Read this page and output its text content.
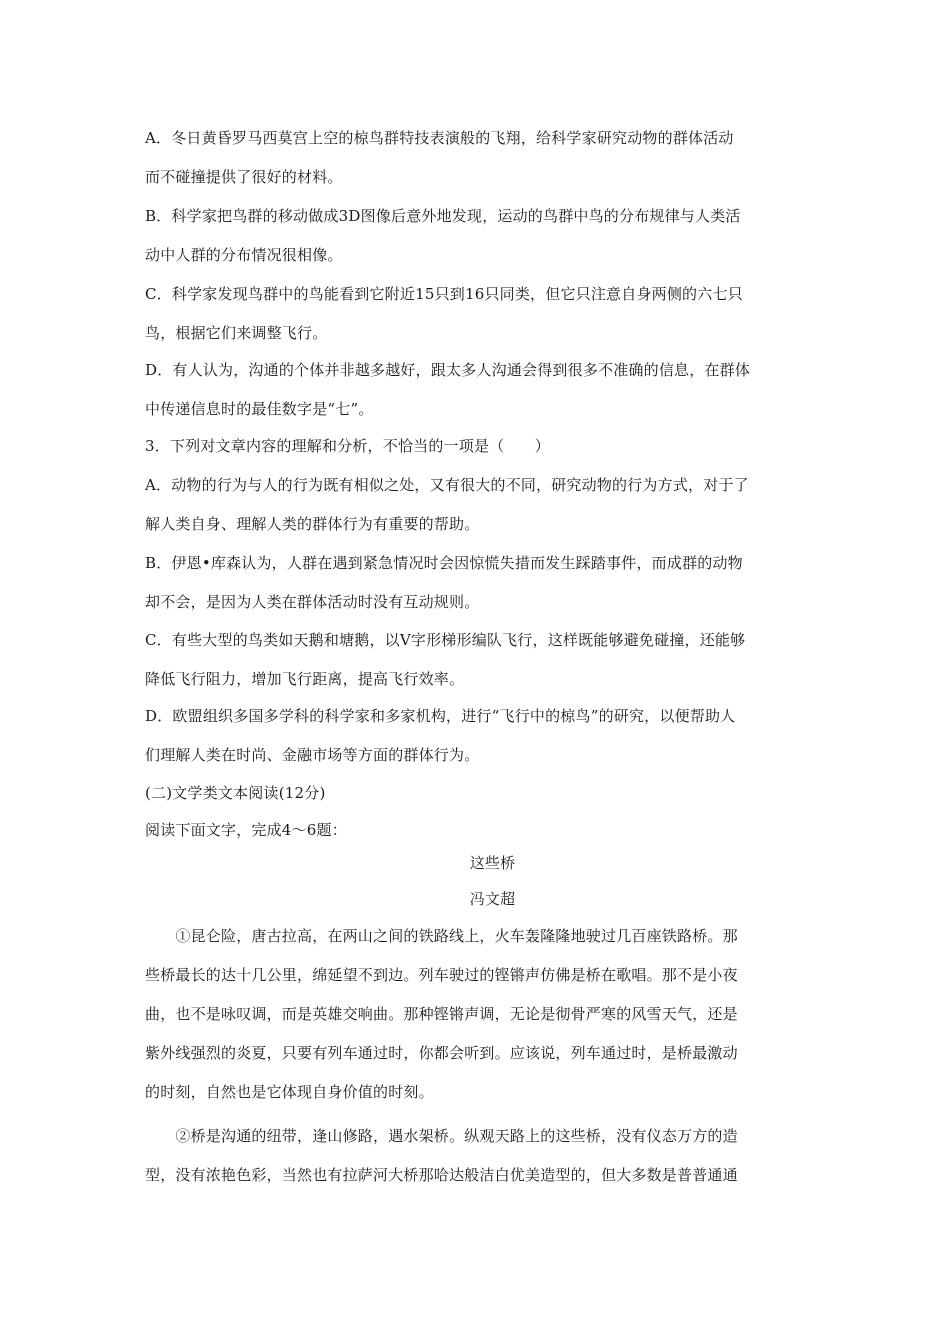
A．冬日黄昏罗马西莫宫上空的椋鸟群特技表演般的飞翔，给科学家研究动物的群体活动
而不碰撞提供了很好的材料。
B．科学家把鸟群的移动做成3D图像后意外地发现，运动的鸟群中鸟的分布规律与人类活
动中人群的分布情况很相像。
C．科学家发现鸟群中的鸟能看到它附近15只到16只同类，但它只注意自身两侧的六七只
鸟，根据它们来调整飞行。
D．有人认为，沟通的个体并非越多越好，跟太多人沟通会得到很多不准确的信息，在群体
中传递信息时的最佳数字是“七”。
3．下列对文章内容的理解和分析，不恰当的一项是（　　）
A．动物的行为与人的行为既有相似之处，又有很大的不同，研究动物的行为方式，对于了
解人类自身、理解人类的群体行为有重要的帮助。
B．伊恩•库森认为，人群在遇到紧急情况时会因惊慌失措而发生踩踏事件，而成群的动物
却不会，是因为人类在群体活动时没有互动规则。
C．有些大型的鸟类如天鹅和塘鹅，以V字形梯形编队飞行，这样既能够避免碰撞，还能够
降低飞行阻力，增加飞行距离，提高飞行效率。
D．欧盟组织多国多学科的科学家和多家机构，进行“飞行中的椋鸟”的研究，以便帮助人
们理解人类在时尚、金融市场等方面的群体行为。
(二)文学类文本阅读(12分)
阅读下面文字，完成4～6题：
这些桥
冯文超
　　①昆仑险，唐古拉高，在两山之间的铁路线上，火车轰隆隆地驶过几百座铁路桥。那
些桥最长的达十几公里，绵延望不到边。列车驶过的铿锵声仿佛是桥在歌唱。那不是小夜
曲，也不是咏叹调，而是英雄交响曲。那种铿锵声调，无论是彻骨严寒的风雪天气，还是
紫外线强烈的炎夏，只要有列车通过时，你都会听到。应该说，列车通过时，是桥最激动
的时刻，自然也是它体现自身价值的时刻。
　　②桥是沟通的纽带，逢山修路，遇水架桥。纵观天路上的这些桥，没有仪态万方的造
型，没有浓艳色彩，当然也有拉萨河大桥那哈达般洁白优美造型的，但大多数是普普通通
